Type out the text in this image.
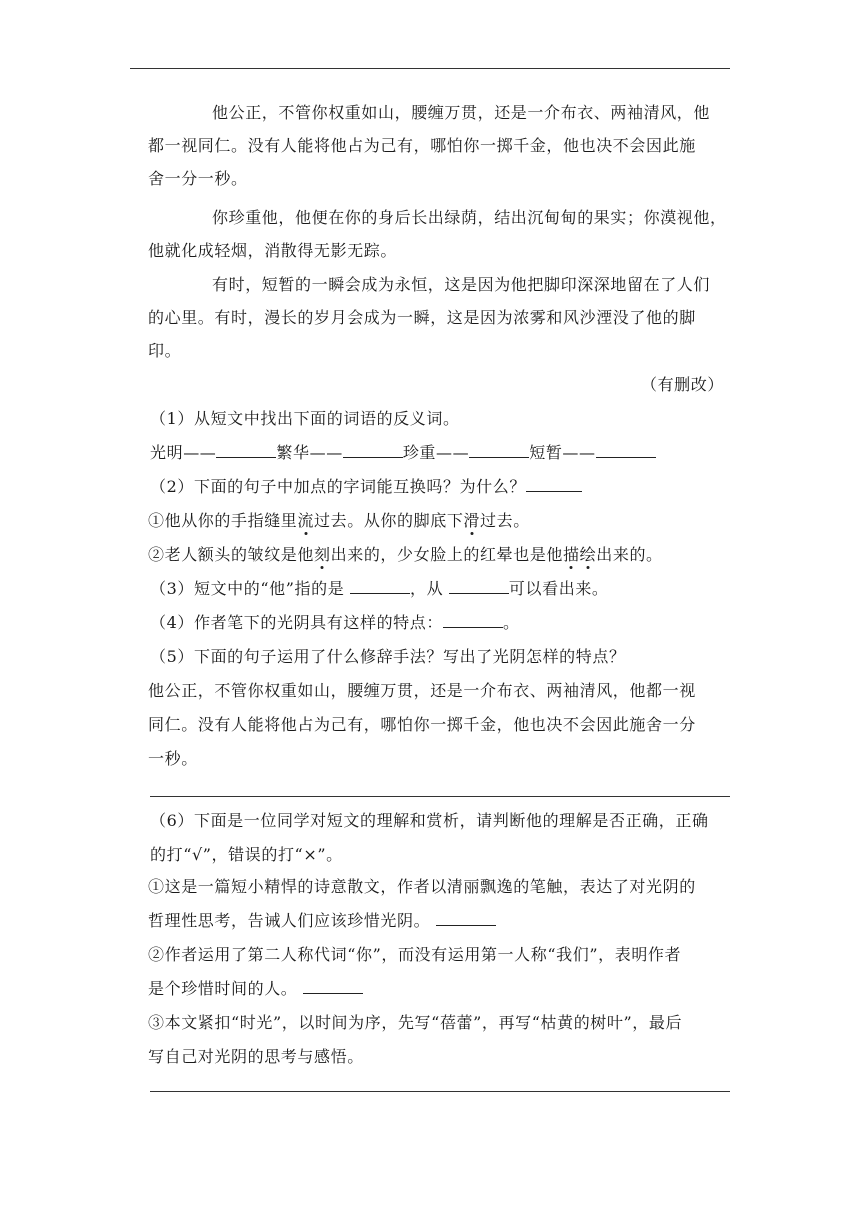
他公正，不管你权重如山，腰缠万贯，还是一介布衣、两袖清风，他
都一视同仁。没有人能将他占为己有，哪怕你一掷千金，他也决不会因此施
舍一分一秒。

你珍重他，他便在你的身后长出绿荫，结出沉甸甸的果实；你漠视他，
他就化成轻烟，消散得无影无踪。

有时，短暂的一瞬会成为永恒，这是因为他把脚印深深地留在了人们
的心里。有时，漫长的岁月会成为一瞬，这是因为浓雾和风沙湮没了他的脚
印。

（有删改）

（1）从短文中找出下面的词语的反义词。

光明——	繁华——	珍重——	短暂——

（2）下面的句子中加点的字词能互换吗？为什么？

①他从你的手指缝里流过去。从你的脚底下滑过去。

②老人额头的皱纹是他刻出来的，少女脸上的红晕也是他描绘出来的。

（3）短文中的“他”指的是	，从	可以看出来。

（4）作者笔下的光阴具有这样的特点：	。

（5）下面的句子运用了什么修辞手法？写出了光阴怎样的特点？

他公正，不管你权重如山，腰缠万贯，还是一介布衣、两袖清风，他都一视
同仁。没有人能将他占为己有，哪怕你一掷千金，他也决不会因此施舍一分
一秒。

（6）下面是一位同学对短文的理解和赏析，请判断他的理解是否正确，正确
的打“√”，错误的打“×”。

①这是一篇短小精悍的诗意散文，作者以清丽飘逸的笔触，表达了对光阴的
哲理性思考，告诫人们应该珍惜光阴。

②作者运用了第二人称代词“你”，而没有运用第一人称“我们”，表明作者
是个珍惜时间的人。

③本文紧扣“时光”，以时间为序，先写“蓓蕾”，再写“枯黄的树叶”，最后
写自己对光阴的思考与感悟。
